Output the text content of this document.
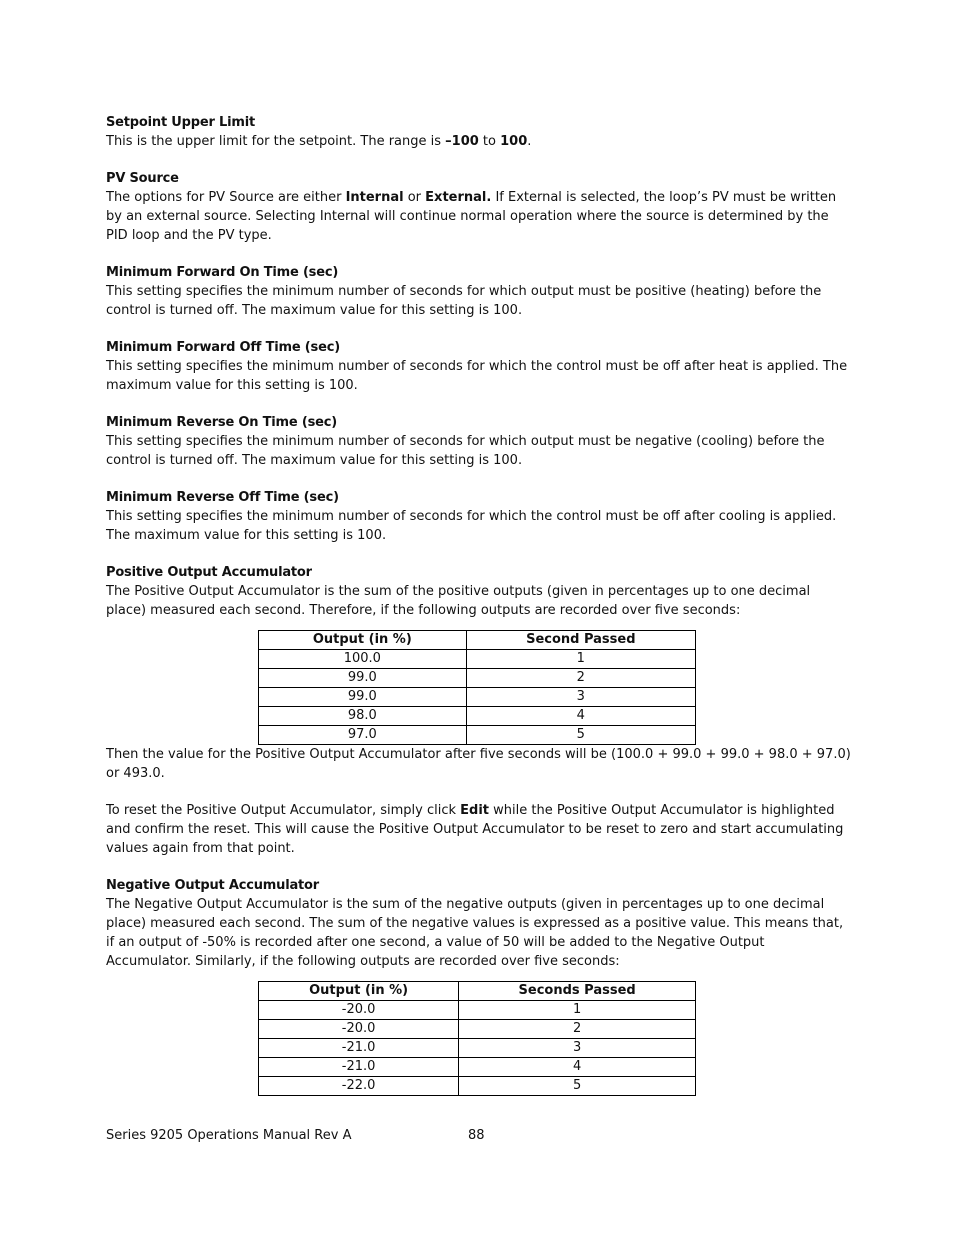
Setpoint Upper Limit

This is the upper limit for the setpoint. The range is –100 to 100.

PV Source

The options for PV Source are either Internal or External. If External is selected, the loop’s PV must be written by an external source. Selecting Internal will continue normal operation where the source is determined by the PID loop and the PV type.

Minimum Forward On Time (sec)

This setting specifies the minimum number of seconds for which output must be positive (heating) before the control is turned off. The maximum value for this setting is 100.

Minimum Forward Off Time (sec)

This setting specifies the minimum number of seconds for which the control must be off after heat is applied. The maximum value for this setting is 100.

Minimum Reverse On Time (sec)

This setting specifies the minimum number of seconds for which output must be negative (cooling) before the control is turned off. The maximum value for this setting is 100.

Minimum Reverse Off Time (sec)

This setting specifies the minimum number of seconds for which the control must be off after cooling is applied. The maximum value for this setting is 100.

Positive Output Accumulator

The Positive Output Accumulator is the sum of the positive outputs (given in percentages up to one decimal place) measured each second. Therefore, if the following outputs are recorded over five seconds:

Output (in %)	Second Passed
100.0	1
99.0	2
99.0	3
98.0	4
97.0	5

Then the value for the Positive Output Accumulator after five seconds will be (100.0 + 99.0 + 99.0 + 98.0 + 97.0) or 493.0.

To reset the Positive Output Accumulator, simply click Edit while the Positive Output Accumulator is highlighted and confirm the reset. This will cause the Positive Output Accumulator to be reset to zero and start accumulating values again from that point.

Negative Output Accumulator

The Negative Output Accumulator is the sum of the negative outputs (given in percentages up to one decimal place) measured each second. The sum of the negative values is expressed as a positive value. This means that, if an output of -50% is recorded after one second, a value of 50 will be added to the Negative Output Accumulator. Similarly, if the following outputs are recorded over five seconds:

Output (in %)	Seconds Passed
-20.0	1
-20.0	2
-21.0	3
-21.0	4
-22.0	5
Series 9205 Operations Manual Rev A	88
